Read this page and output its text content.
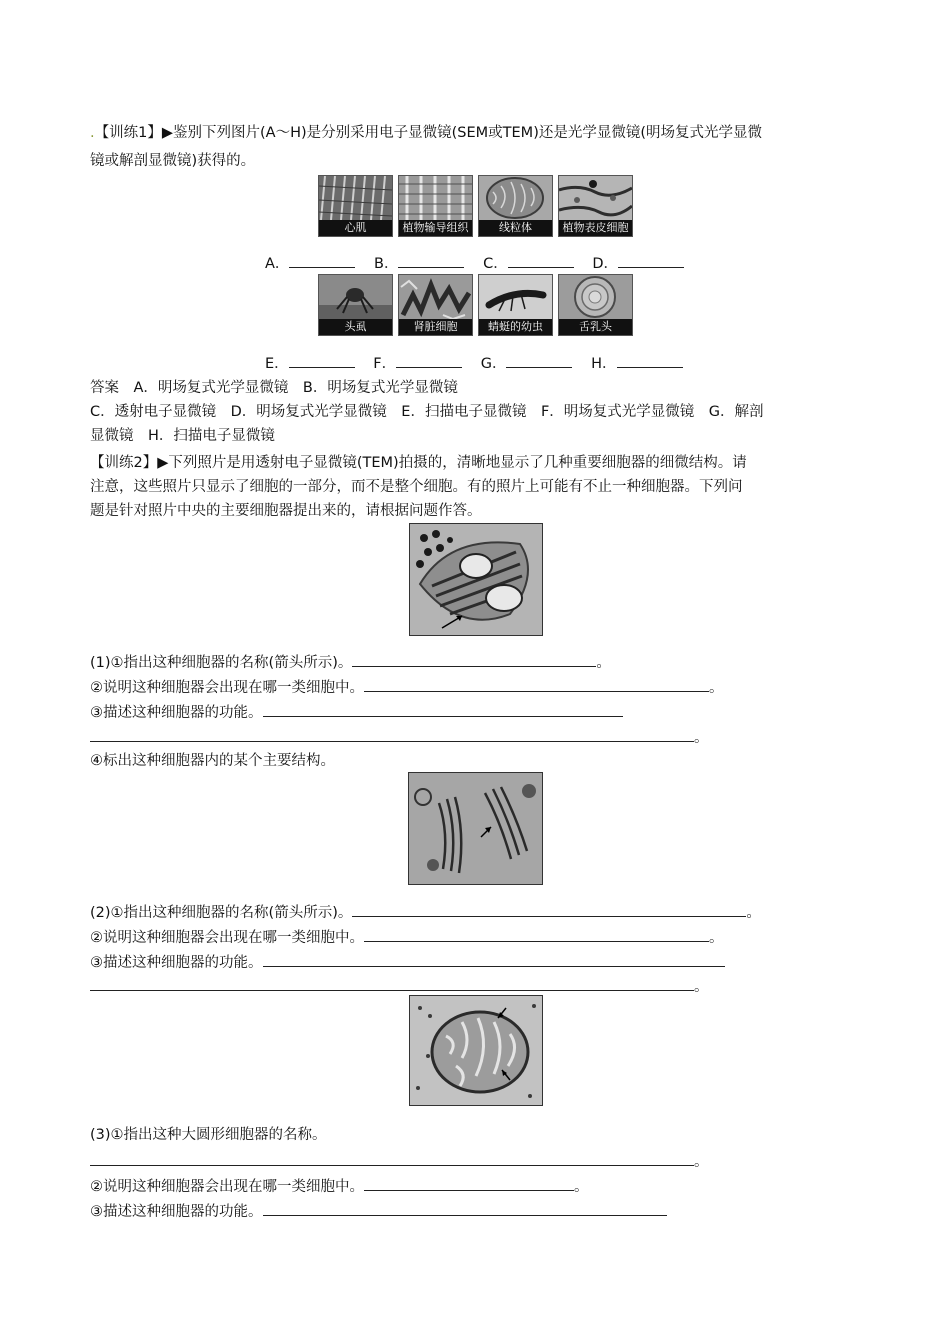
.【训练1】▶鉴别下列图片(A～H)是分别采用电子显微镜(SEM或TEM)还是光学显微镜(明场复式光学显微
镜或解剖显微镜)获得的。
心肌	植物输导组织	线粒体	植物表皮细胞
A．	B．	C．	D．
头虱	肾脏细胞	蜻蜓的幼虫	舌乳头
E．	F．	G．	H．
答案　A．明场复式光学显微镜　B．明场复式光学显微镜
C．透射电子显微镜　D．明场复式光学显微镜　E．扫描电子显微镜　F．明场复式光学显微镜　G．解剖
显微镜　H．扫描电子显微镜
【训练2】▶下列照片是用透射电子显微镜(TEM)拍摄的，清晰地显示了几种重要细胞器的细微结构。请
注意，这些照片只显示了细胞的一部分，而不是整个细胞。有的照片上可能有不止一种细胞器。下列问
题是针对照片中央的主要细胞器提出来的，请根据问题作答。
(1)①指出这种细胞器的名称(箭头所示)。	。
②说明这种细胞器会出现在哪一类细胞中。	。
③描述这种细胞器的功能。
。
④标出这种细胞器内的某个主要结构。
(2)①指出这种细胞器的名称(箭头所示)。	。
②说明这种细胞器会出现在哪一类细胞中。	。
③描述这种细胞器的功能。
。
(3)①指出这种大圆形细胞器的名称。
。
②说明这种细胞器会出现在哪一类细胞中。	。
③描述这种细胞器的功能。
